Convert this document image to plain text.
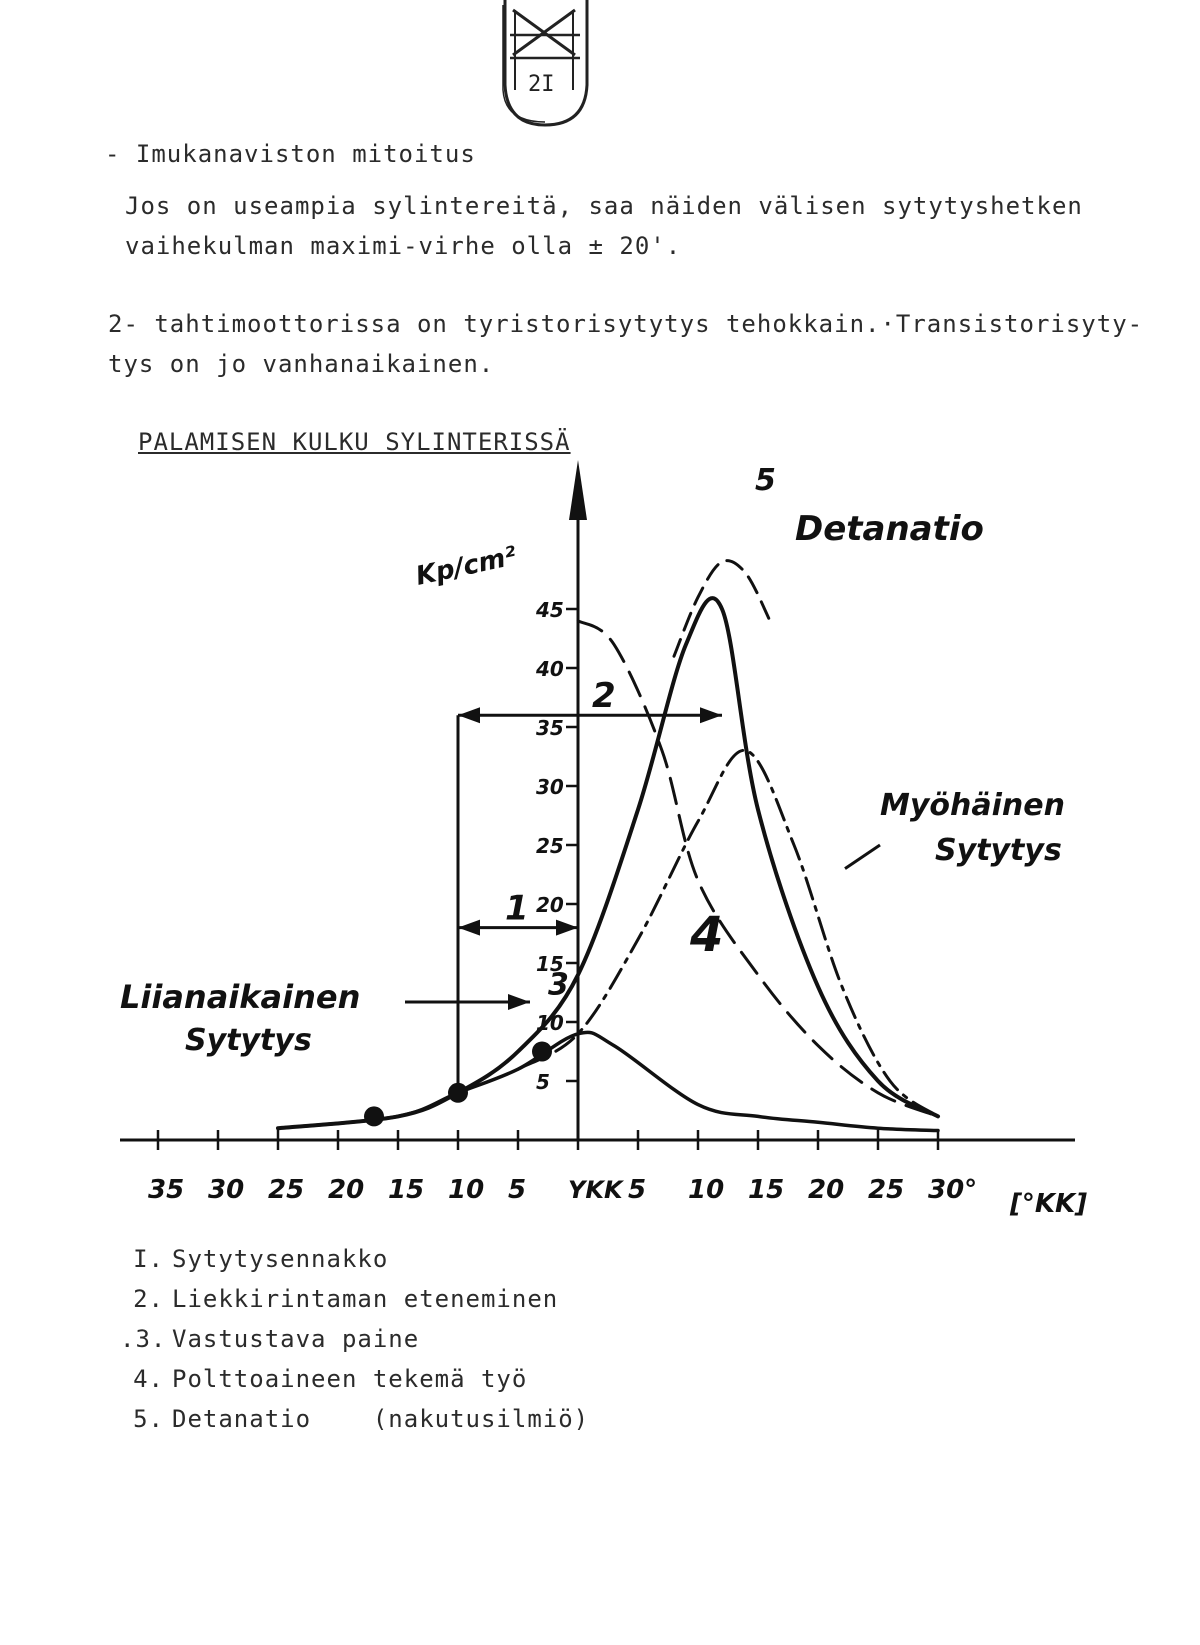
2I
- Imukanaviston mitoitus
Jos on useampia sylintereitä, saa näiden välisen sytytyshetken
vaihekulman maximi-virhe olla ± 20'.
2- tahtimoottorissa on tyristorisytytys tehokkain.·Transistorisyty-
tys on jo vanhanaikainen.
PALAMISEN KULKU SYLINTERISSÄ
35 30 25 20 15 10 5 YKK 5 10 15 20 25 30°
5
10
15
20
25
30
35
40
45
Kp/cm²
[°KK]
Detanatio
Myöhäinen
Sytytys
Liianaikainen
Sytytys
1
2
3
4
5
I. Sytytysennakko
2. Liekkirintaman eteneminen
.3. Vastustava paine
4. Polttoaineen tekemä työ
5. Detanatio    (nakutusilmiö)
